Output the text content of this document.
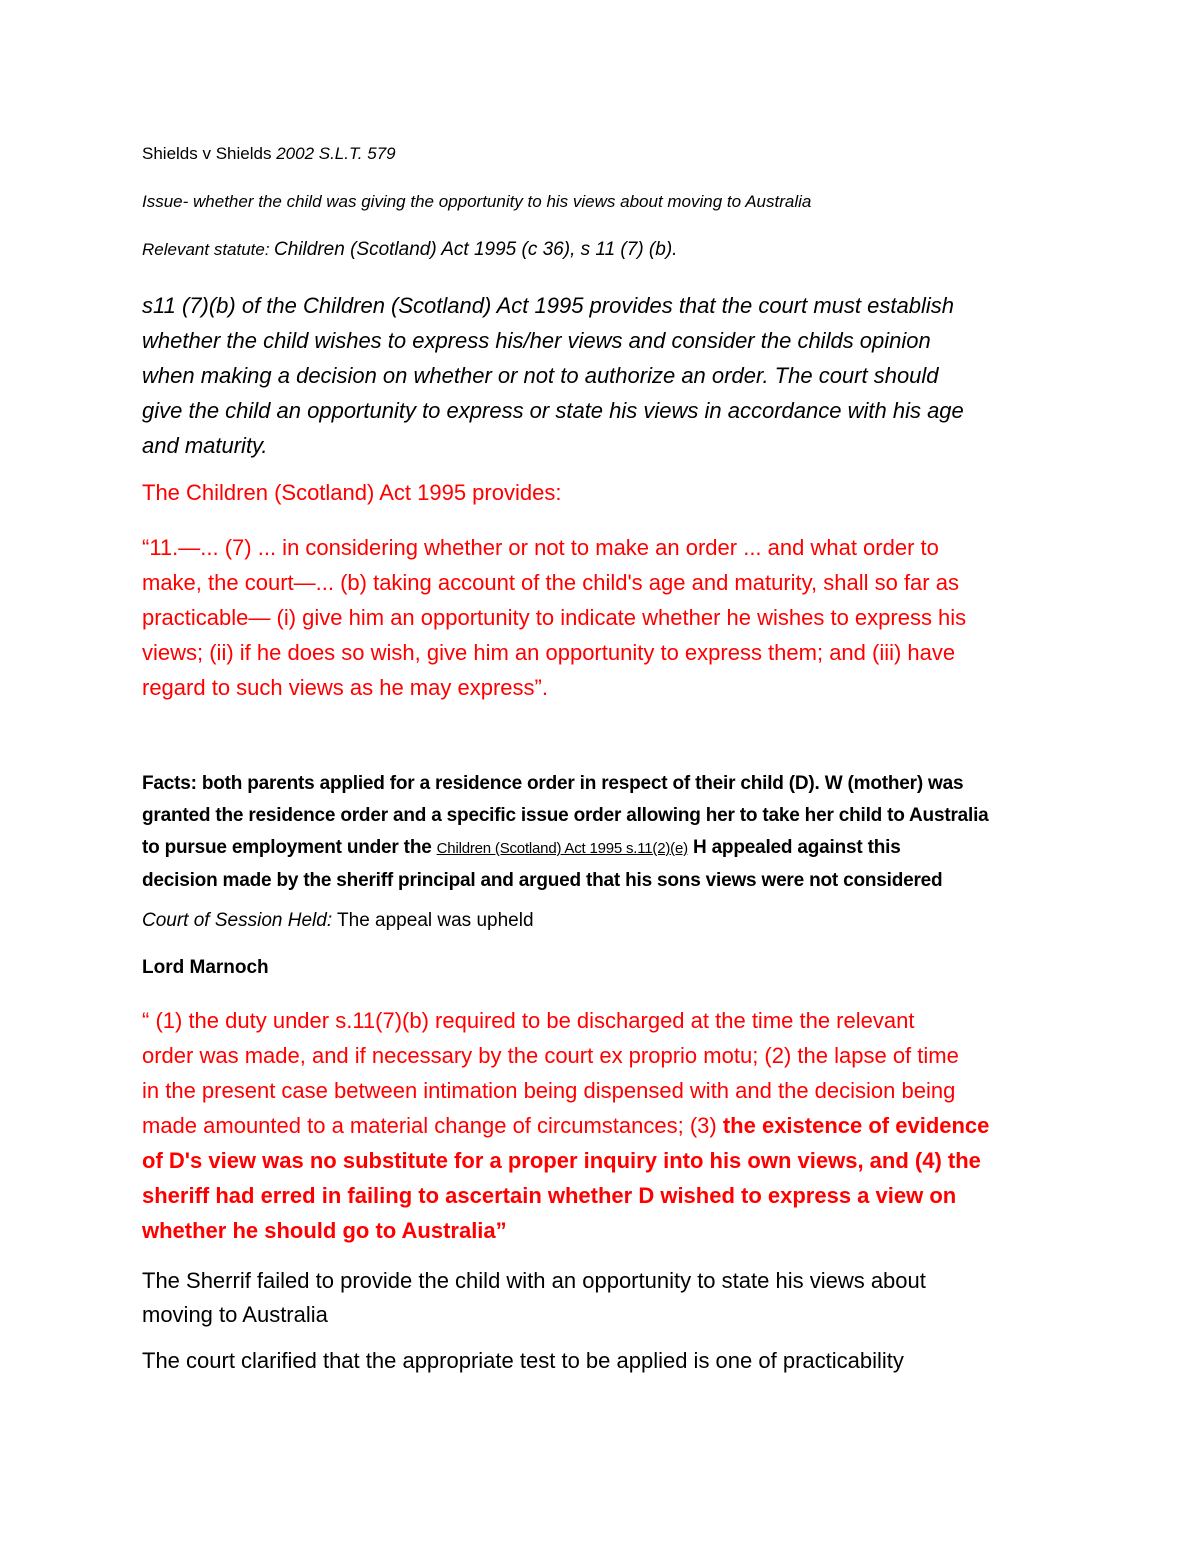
Shields v Shields 2002 S.L.T. 579

Issue- whether the child was giving the opportunity to his views about moving to Australia

Relevant statute: Children (Scotland) Act 1995 (c 36), s 11 (7) (b).

s11 (7)(b) of the Children (Scotland) Act 1995 provides that the court must establish
whether the child wishes to express his/her views and consider the childs opinion
when making a decision on whether or not to authorize an order. The court should
give the child an opportunity to express or state his views in accordance with his age
and maturity.

The Children (Scotland) Act 1995 provides:

“11.—... (7) ... in considering whether or not to make an order ... and what order to
make, the court—... (b) taking account of the child's age and maturity, shall so far as
practicable— (i) give him an opportunity to indicate whether he wishes to express his
views; (ii) if he does so wish, give him an opportunity to express them; and (iii) have
regard to such views as he may express”.
Facts: both parents applied for a residence order in respect of their child (D). W (mother) was
granted the residence order and a specific issue order allowing her to take her child to Australia
to pursue employment under the Children (Scotland) Act 1995 s.11(2)(e) H appealed against this
decision made by the sheriff principal and argued that his sons views were not considered

Court of Session Held: The appeal was upheld

Lord Marnoch

“ (1) the duty under s.11(7)(b) required to be discharged at the time the relevant
order was made, and if necessary by the court ex proprio motu; (2) the lapse of time
in the present case between intimation being dispensed with and the decision being
made amounted to a material change of circumstances; (3) the existence of evidence
of D's view was no substitute for a proper inquiry into his own views, and (4) the
sheriff had erred in failing to ascertain whether D wished to express a view on
whether he should go to Australia”
The Sherrif failed to provide the child with an opportunity to state his views about
moving to Australia

The court clarified that the appropriate test to be applied is one of practicability
